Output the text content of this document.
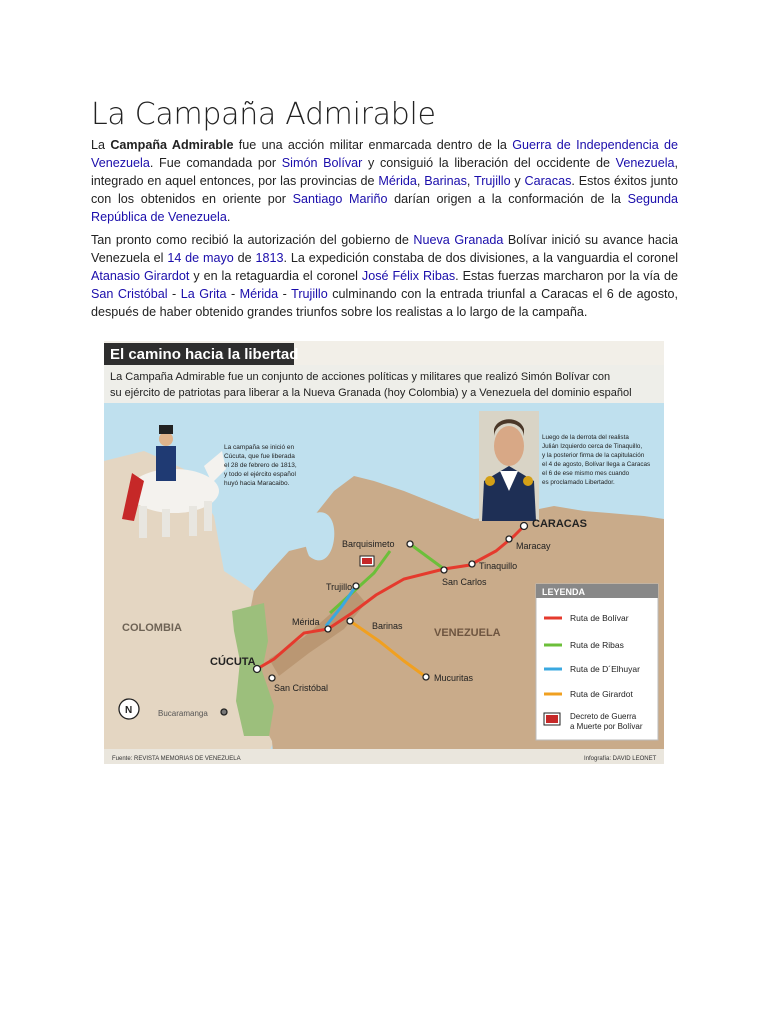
La Campaña Admirable

La Campaña Admirable fue una acción militar enmarcada dentro de la Guerra de Independencia de Venezuela. Fue comandada por Simón Bolívar y consiguió la liberación del occidente de Venezuela, integrado en aquel entonces, por las provincias de Mérida, Barinas, Trujillo y Caracas. Estos éxitos junto con los obtenidos en oriente por Santiago Mariño darían origen a la conformación de la Segunda República de Venezuela.

Tan pronto como recibió la autorización del gobierno de Nueva Granada Bolívar inició su avance hacia Venezuela el 14 de mayo de 1813. La expedición constaba de dos divisiones, a la vanguardia el coronel Atanasio Girardot y en la retaguardia el coronel José Félix Ribas. Estas fuerzas marcharon por la vía de San Cristóbal - La Grita - Mérida - Trujillo culminando con la entrada triunfal a Caracas el 6 de agosto, después de haber obtenido grandes triunfos sobre los realistas a lo largo de la campaña.

El camino hacia la libertad
La Campaña Admirable fue un conjunto de acciones políticas y militares que realizó Simón Bolívar con
su ejército de patriotas para liberar a la Nueva Granada (hoy Colombia) y a Venezuela del dominio español
La campaña se inició en
Cúcuta, que fue liberada
el 28 de febrero de 1813,
y todo el ejército español
huyó hacia Maracaibo.
Luego de la derrota del realista
Julián Izquierdo cerca de Tinaquillo,
y la posterior firma de la capitulación
el 4 de agosto, Bolívar llega a Caracas
el 6 de ese mismo mes cuando
es proclamado Libertador.
CARACAS
Maracay
Tinaquillo
San Carlos
Barquisimeto
Trujillo
Mérida	Barinas
Mucuritas
CÚCUTA
San Cristóbal
Bucaramanga
COLOMBIA	VENEZUELA
N
LEYENDA
Ruta de Bolívar
Ruta de Ribas
Ruta de D´Elhuyar
Ruta de Girardot
Decreto de Guerra
a Muerte por Bolívar
Fuente: REVISTA MEMORIAS DE VENEZUELA	Infografía: DAVID LEONET
